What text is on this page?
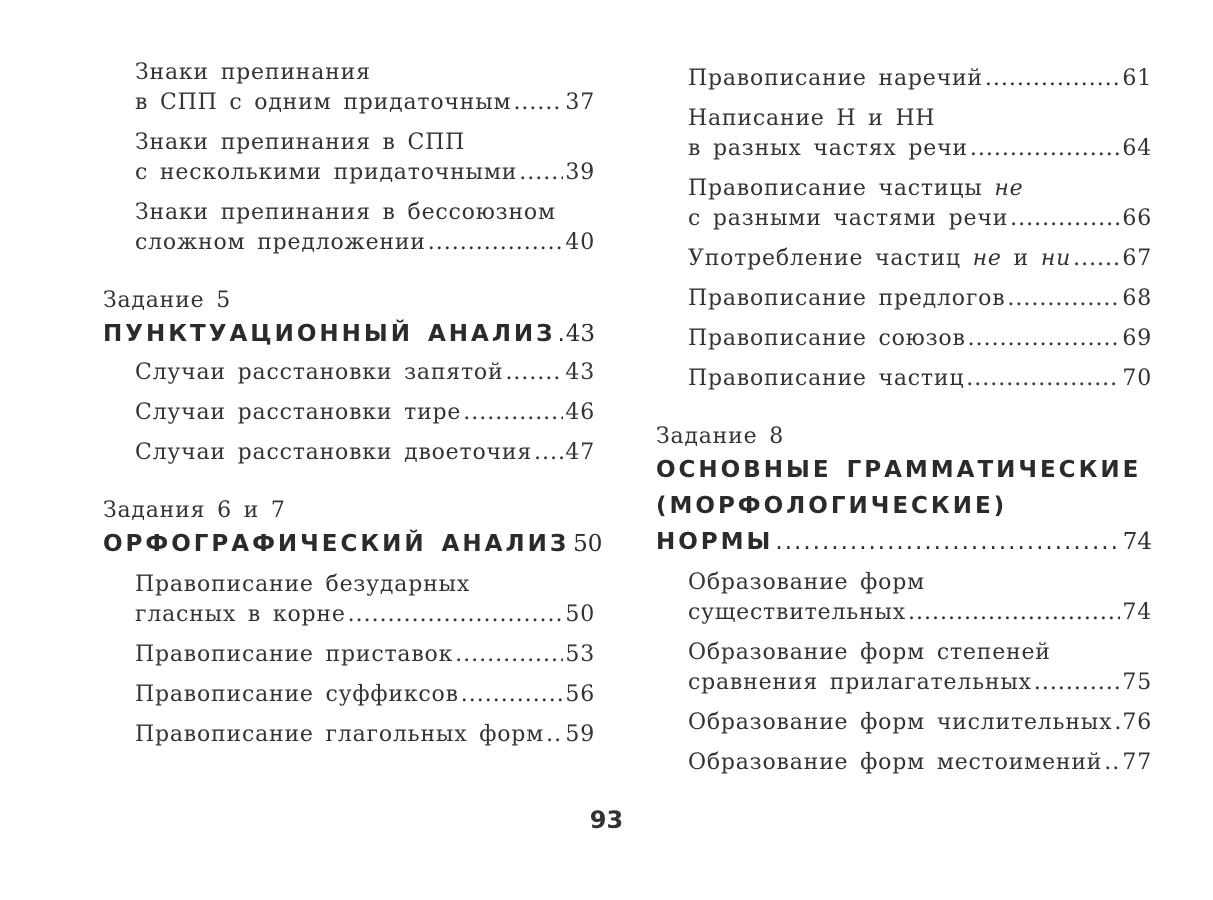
Знаки препинания
в СПП с одним придаточным ..... 37
Знаки препинания в СПП
с несколькими придаточными ..... 39
Знаки препинания в бессоюзном
сложном предложении .....	40
Задание 5
ПУНКТУАЦИОННЫЙ АНАЛИЗ ..... 43
Случаи расстановки запятой .....	43
Случаи расстановки тире .....	46
Случаи расстановки двоеточия ..... 47
Задания 6 и 7
ОРФОГРАФИЧЕСКИЙ АНАЛИЗ 50
Правописание безударных
гласных в корне .....	50
Правописание приставок .....	53
Правописание суффиксов .....	56
Правописание глагольных форм ..... 59
Правописание наречий .....	61
Написание Н и НН
в разных частях речи .....	64
Правописание частицы не
с разными частями речи .....	66
Употребление частиц не и ни ..... 67
Правописание предлогов .....	68
Правописание союзов .....	69
Правописание частиц .....	70
Задание 8
ОСНОВНЫЕ ГРАММАТИЧЕСКИЕ
(МОРФОЛОГИЧЕСКИЕ)
НОРМЫ .....	74
Образование форм
существительных .....	74
Образование форм степеней
сравнения прилагательных .....	75
Образование форм числительных ..... 76
Образование форм местоимений ..... 77
93
